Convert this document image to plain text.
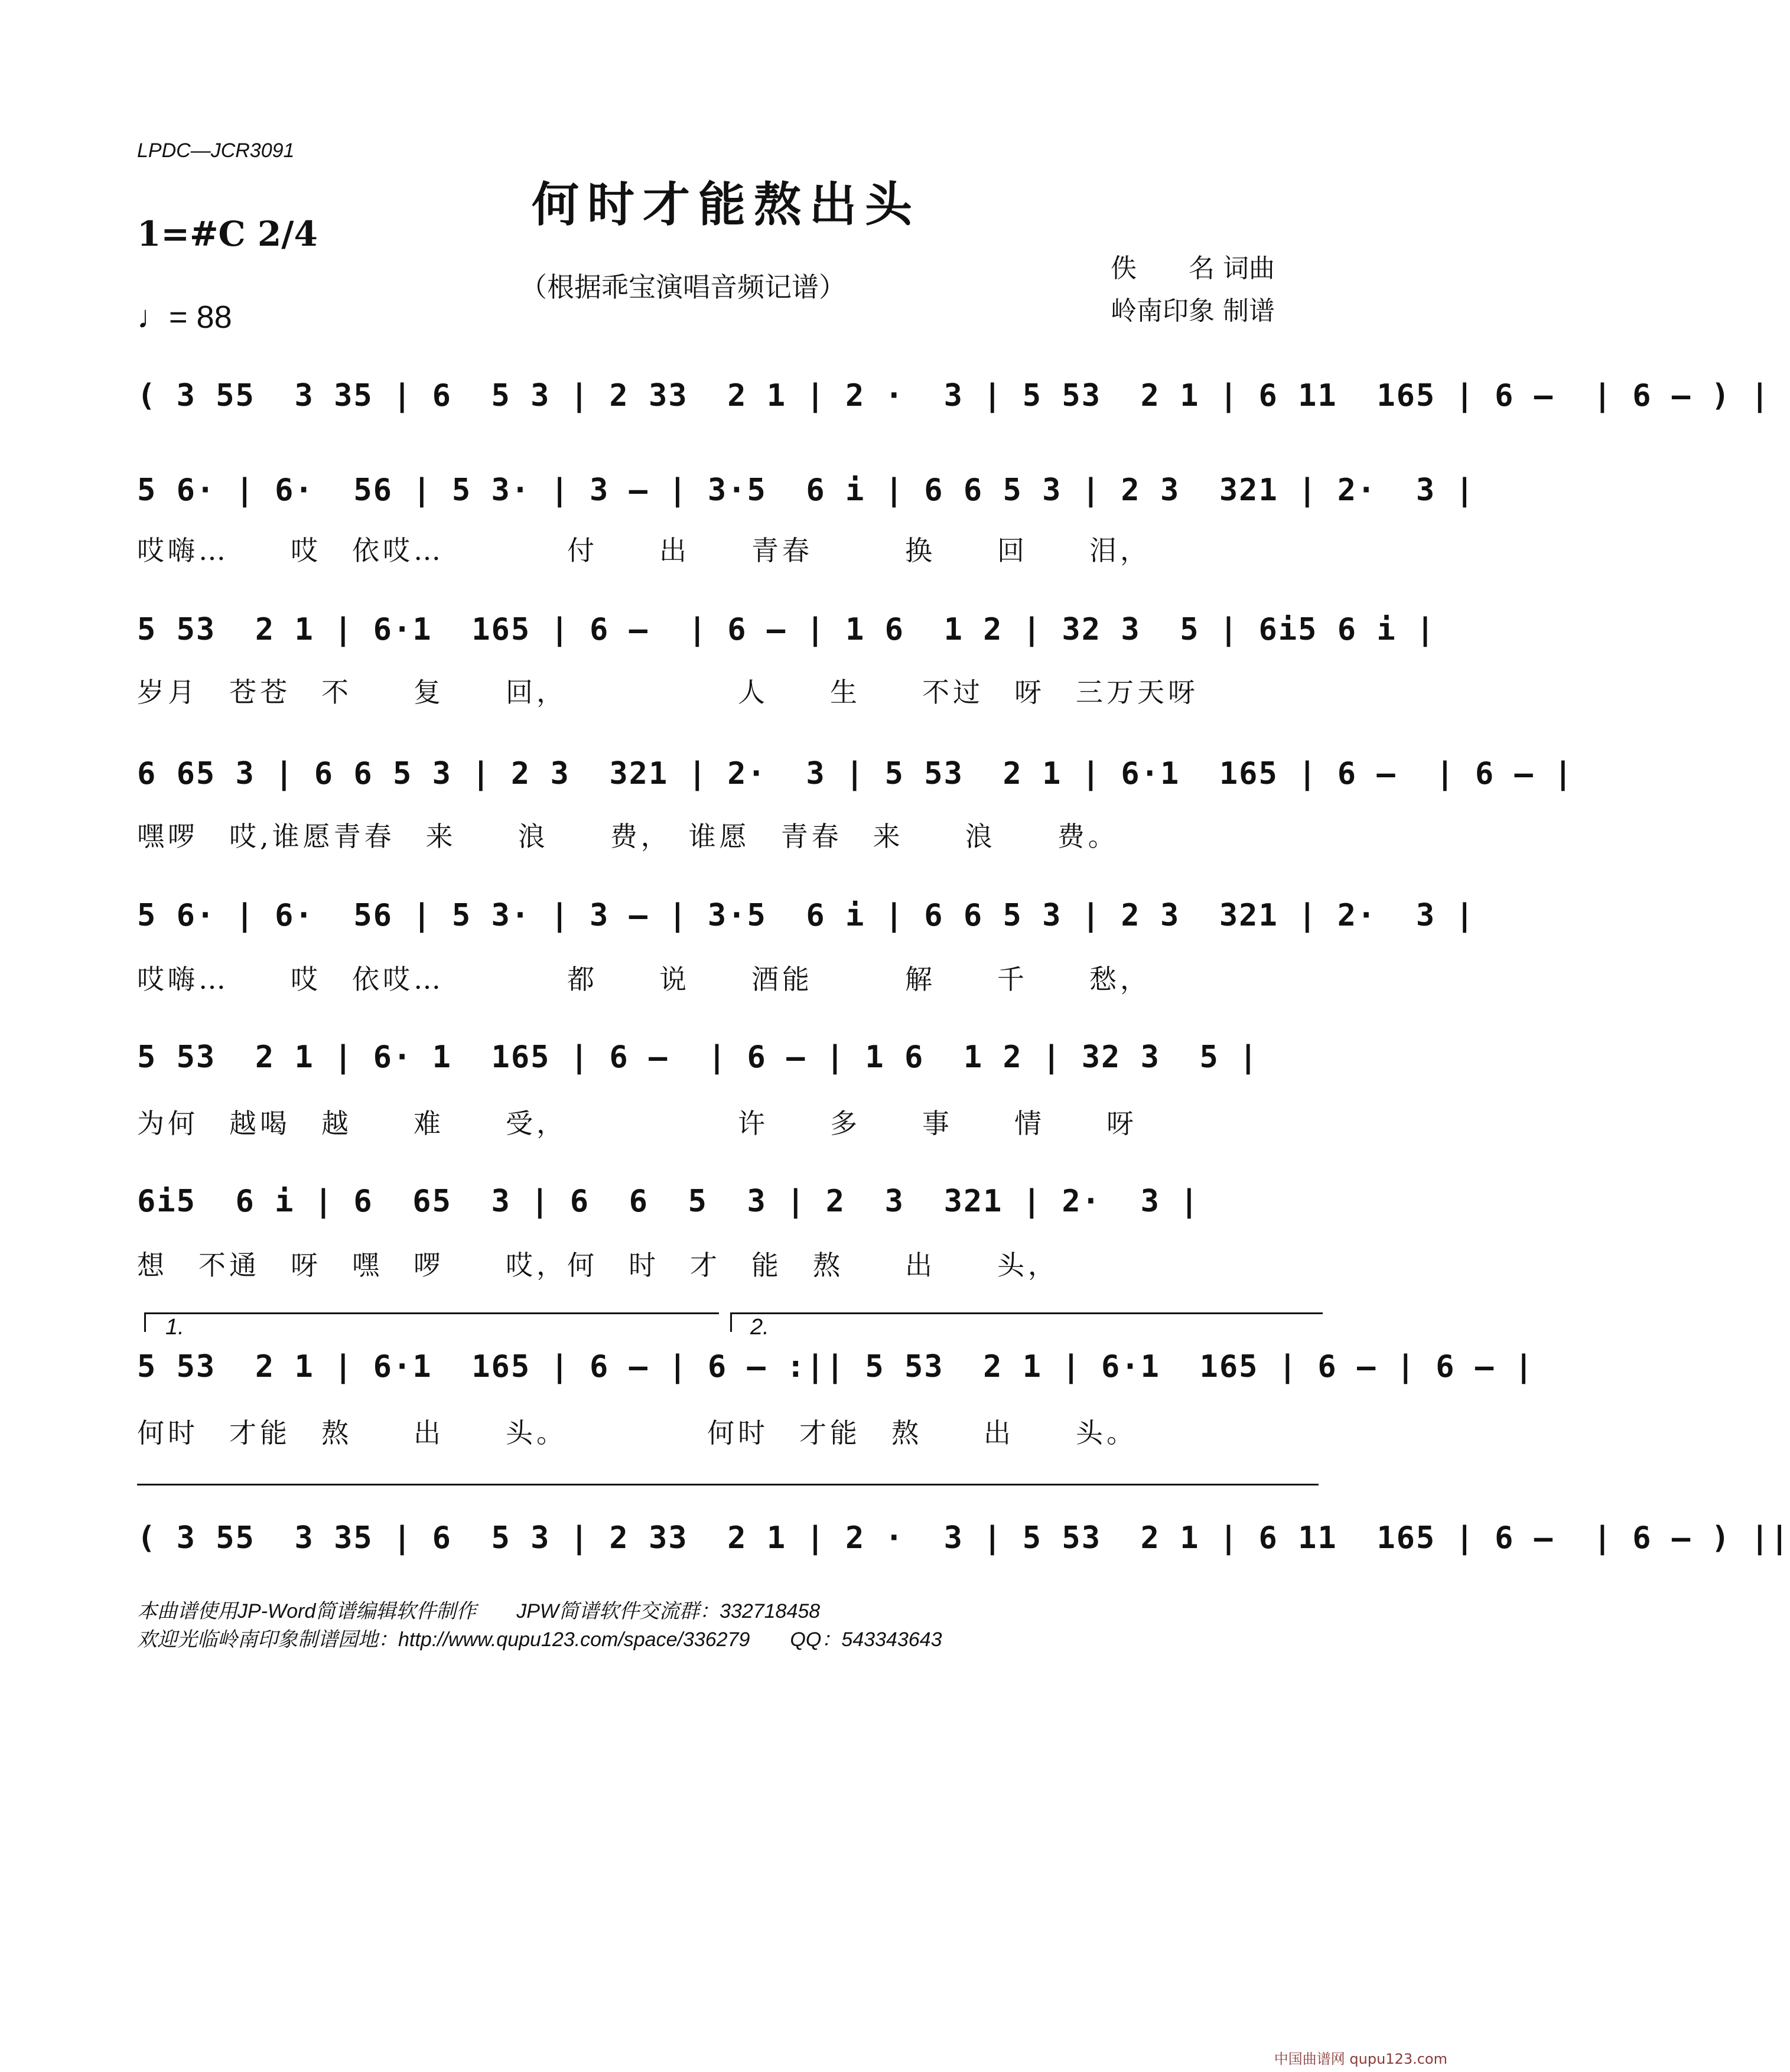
LPDC—JCR3091
何时才能熬出头
1=#C 2/4
（根据乖宝演唱音频记谱）
♩= 88
佚　　名 词曲
岭南印象 制谱
( 3 55  3 35 | 6  5 3 | 2 33  2 1 | 2 ·  3 | 5 53  2 1 | 6 11  165 | 6 –  | 6 – ) |
5 6· | 6·  56 | 5 3· | 3 – | 3·5  6 i | 6 6 5 3 | 2 3  321 | 2·  3 |
哎嗨…　　哎　依哎…　　　　付　　出　　青春　　　换　　回　　泪，
5 53  2 1 | 6·1  165 | 6 –  | 6 – | 1 6  1 2 | 32 3  5 | 6i5 6 i |
岁月　苍苍　不　　复　　回，　　　　　　人　　生　　不过　呀　三万天呀
6 65 3 | 6 6 5 3 | 2 3  321 | 2·  3 | 5 53  2 1 | 6·1  165 | 6 –  | 6 – |
嘿啰　哎,谁愿青春　来　　浪　　费，　谁愿　青春　来　　浪　　费。
5 6· | 6·  56 | 5 3· | 3 – | 3·5  6 i | 6 6 5 3 | 2 3  321 | 2·  3 |
哎嗨…　　哎　依哎…　　　　都　　说　　酒能　　　解　　千　　愁，
5 53  2 1 | 6· 1  165 | 6 –  | 6 – | 1 6  1 2 | 32 3  5 |
为何　越喝　越　　难　　受，　　　　　　许　　多　　事　　情　　呀
6i5  6 i | 6  65  3 | 6  6  5  3 | 2  3  321 | 2·  3 |
想　不通　呀　嘿　啰　　哎，何　时　才　能　熬　　出　　头，
1.	2.
5 53  2 1 | 6·1  165 | 6 – | 6 – :|| 5 53  2 1 | 6·1  165 | 6 – | 6 – |
何时　才能　熬　　出　　头。　　　　　何时　才能　熬　　出　　头。
( 3 55  3 35 | 6  5 3 | 2 33  2 1 | 2 ·  3 | 5 53  2 1 | 6 11  165 | 6 –  | 6 – ) ||
本曲谱使用JP-Word简谱编辑软件制作　　JPW简谱软件交流群：332718458
欢迎光临岭南印象制谱园地：http://www.qupu123.com/space/336279　　QQ：543343643
中国曲谱网 qupu123.com
